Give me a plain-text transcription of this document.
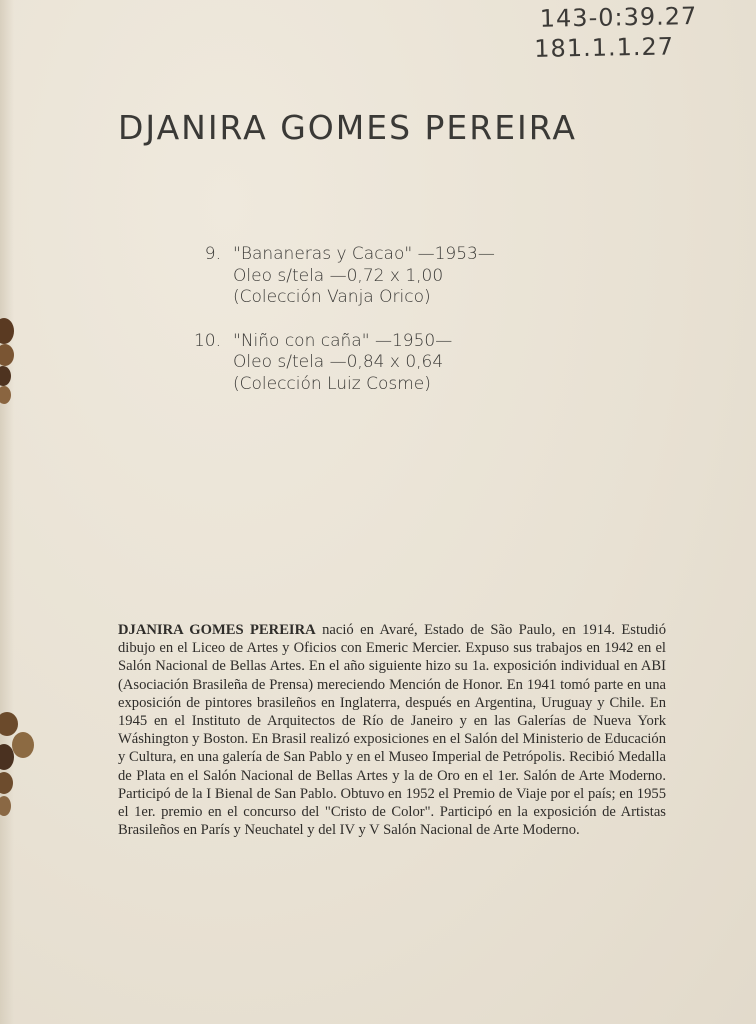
143-0:39.27
181.1.1.27
DJANIRA GOMES PEREIRA
9. "Bananeras y Cacao" —1953—
Oleo s/tela —0,72 x 1,00
(Colección Vanja Orico)
10. "Niño con caña" —1950—
Oleo s/tela —0,84 x 0,64
(Colección Luiz Cosme)
DJANIRA GOMES PEREIRA nació en Avaré, Estado de São Paulo, en 1914. Estudió dibujo en el Liceo de Artes y Oficios con Emeric Mercier. Expuso sus trabajos en 1942 en el Salón Nacional de Bellas Artes. En el año siguiente hizo su 1a. exposición individual en ABI (Asociación Brasileña de Prensa) mereciendo Mención de Honor. En 1941 tomó parte en una exposición de pintores brasileños en Inglaterra, después en Argentina, Uruguay y Chile. En 1945 en el Instituto de Arquitectos de Río de Janeiro y en las Galerías de Nueva York Wáshington y Boston. En Brasil realizó exposiciones en el Salón del Ministerio de Educación y Cultura, en una galería de San Pablo y en el Museo Imperial de Petrópolis. Recibió Medalla de Plata en el Salón Nacional de Bellas Artes y la de Oro en el 1er. Salón de Arte Moderno. Participó de la I Bienal de San Pablo. Obtuvo en 1952 el Premio de Viaje por el país; en 1955 el 1er. premio en el concurso del "Cristo de Color". Participó en la exposición de Artistas Brasileños en París y Neuchatel y del IV y V Salón Nacional de Arte Moderno.
